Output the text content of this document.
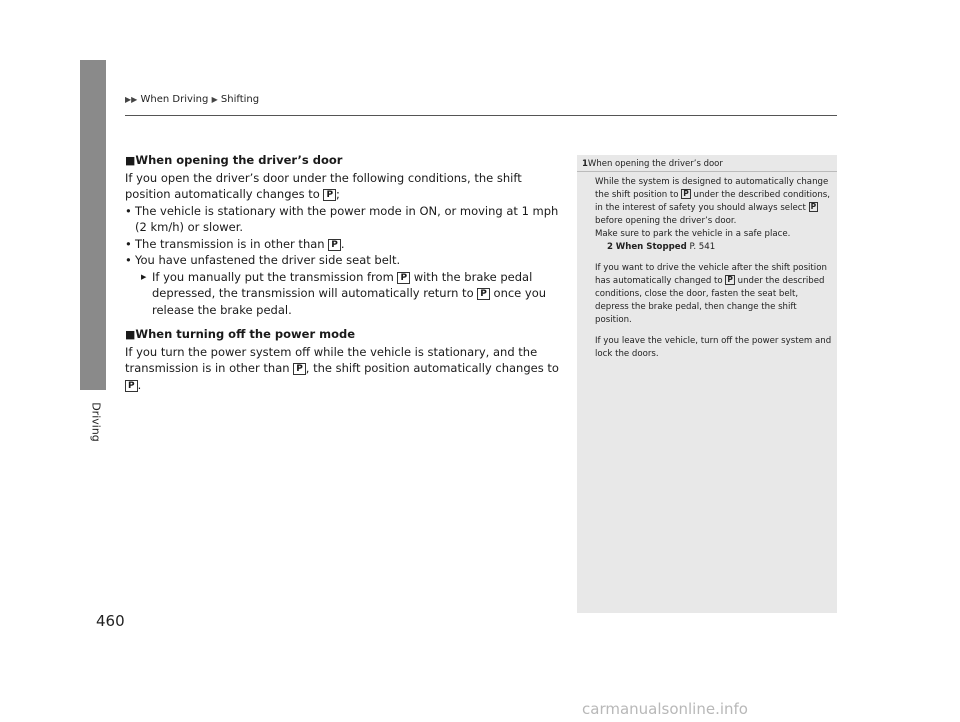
Driving
▶▶ When Driving ▶ Shifting
■When opening the driver’s door

If you open the driver’s door under the following conditions, the shift position automatically changes to P ;

• The vehicle is stationary with the power mode in ON, or moving at 1 mph (2 km/h) or slower.
• The transmission is in other than P .
• You have unfastened the driver side seat belt.
▶ If you manually put the transmission from P with the brake pedal depressed, the transmission will automatically return to P once you release the brake pedal.
■When turning off the power mode

If you turn the power system off while the vehicle is stationary, and the transmission is in other than P , the shift position automatically changes to P .

1When opening the driver’s door

While the system is designed to automatically change the shift position to P under the described conditions, in the interest of safety you should always select P before opening the driver’s door.

Make sure to park the vehicle in a safe place.

2 When Stopped P. 541

If you want to drive the vehicle after the shift position has automatically changed to P under the described conditions, close the door, fasten the seat belt, depress the brake pedal, then change the shift position.

If you leave the vehicle, turn off the power system and lock the doors.

460
carmanualsonline.info
